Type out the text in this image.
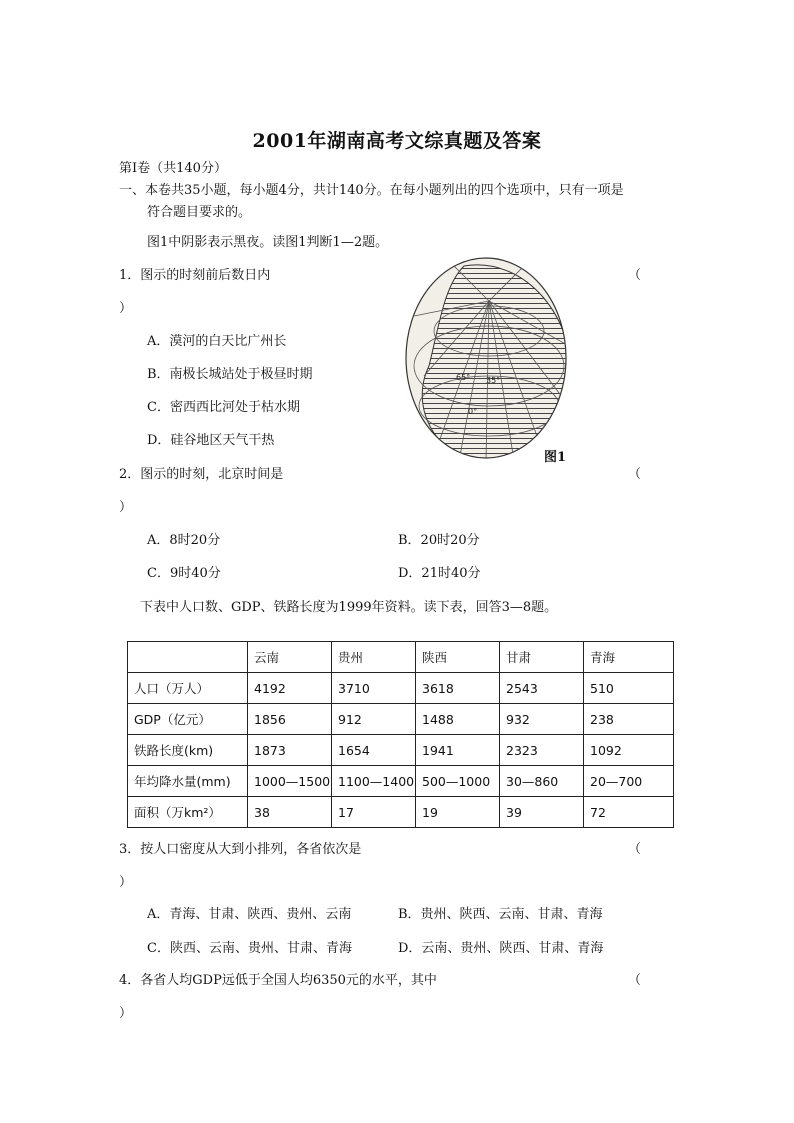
2001年湖南高考文综真题及答案
第Ⅰ卷（共140分）
一、本卷共35小题，每小题4分，共计140分。在每小题列出的四个选项中，只有一项是
符合题目要求的。
图1中阴影表示黑夜。读图1判断1—2题。
1．图示的时刻前后数日内	（
）
A．漠河的白天比广州长
B．南极长城站处于极昼时期
C．密西西比河处于枯水期
D．硅谷地区天气干热
65° 35°
0°
图1
2．图示的时刻，北京时间是	（
）
A．8时20分	B．20时20分
C．9时40分	D．21时40分
下表中人口数、GDP、铁路长度为1999年资料。读下表，回答3—8题。
	云南	贵州	陕西	甘肃	青海
人口（万人）	4192	3710	3618	2543	510
GDP（亿元）	1856	912	1488	932	238
铁路长度(km)	1873	1654	1941	2323	1092
年均降水量(mm)	1000—1500	1100—1400	500—1000	30—860	20—700
面积（万km²）	38	17	19	39	72
3．按人口密度从大到小排列，各省依次是	（
）
A．青海、甘肃、陕西、贵州、云南	B．贵州、陕西、云南、甘肃、青海
C．陕西、云南、贵州、甘肃、青海	D．云南、贵州、陕西、甘肃、青海
4．各省人均GDP远低于全国人均6350元的水平，其中	（
）
